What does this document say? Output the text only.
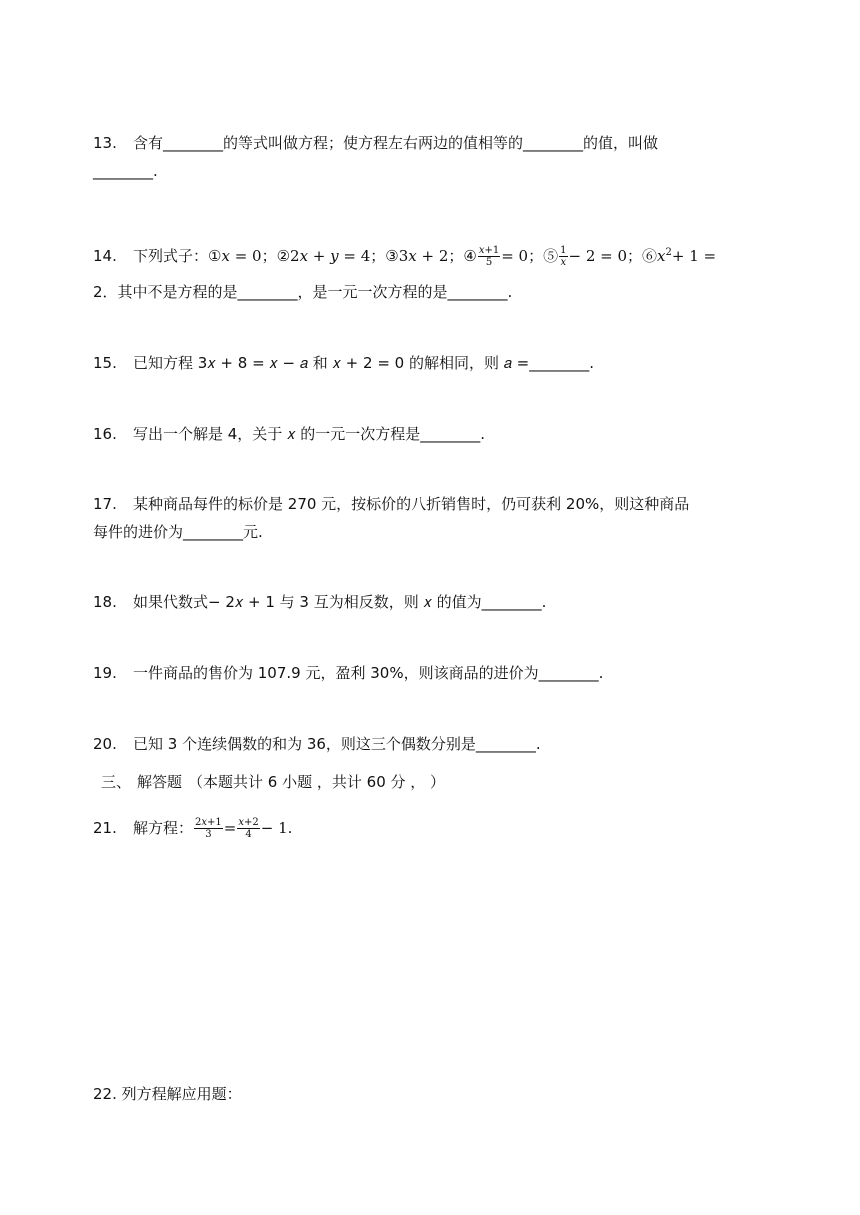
13. 含有________的等式叫做方程；使方程左右两边的值相等的________的值，叫做
________.
14. 下列式子：①𝑥 = 0；②2𝑥 + 𝑦 = 4；③3𝑥 + 2；④ $\frac{\text{𝑥+1}}{5} = 0$；⑤ $\frac{1}{\text{𝑥}} - 2 = 0$；⑥𝑥$^2$+ 1 =
2．其中不是方程的是________，是一元一次方程的是________.
15. 已知方程 3𝑥 + 8 = 𝑥 − 𝑎 和 𝑥 + 2 = 0 的解相同，则 𝑎 =________.
16. 写出一个解是 4，关于 𝑥 的一元一次方程是________.
17. 某种商品每件的标价是 270 元，按标价的八折销售时，仍可获利 20%，则这种商品
每件的进价为________元.
18. 如果代数式− 2𝑥 + 1 与 3 互为相反数，则 𝑥 的值为________.
19. 一件商品的售价为 107.9 元，盈利 30%，则该商品的进价为________.
20. 已知 3 个连续偶数的和为 36，则这三个偶数分别是________.
三、 解答题 （本题共计 6 小题 ，共计 60 分 ， ）
21. 解方程： $\frac{\text{2𝑥+1}}{3} = \frac{\text{𝑥+2}}{4} - 1$.
22. 列方程解应用题：
